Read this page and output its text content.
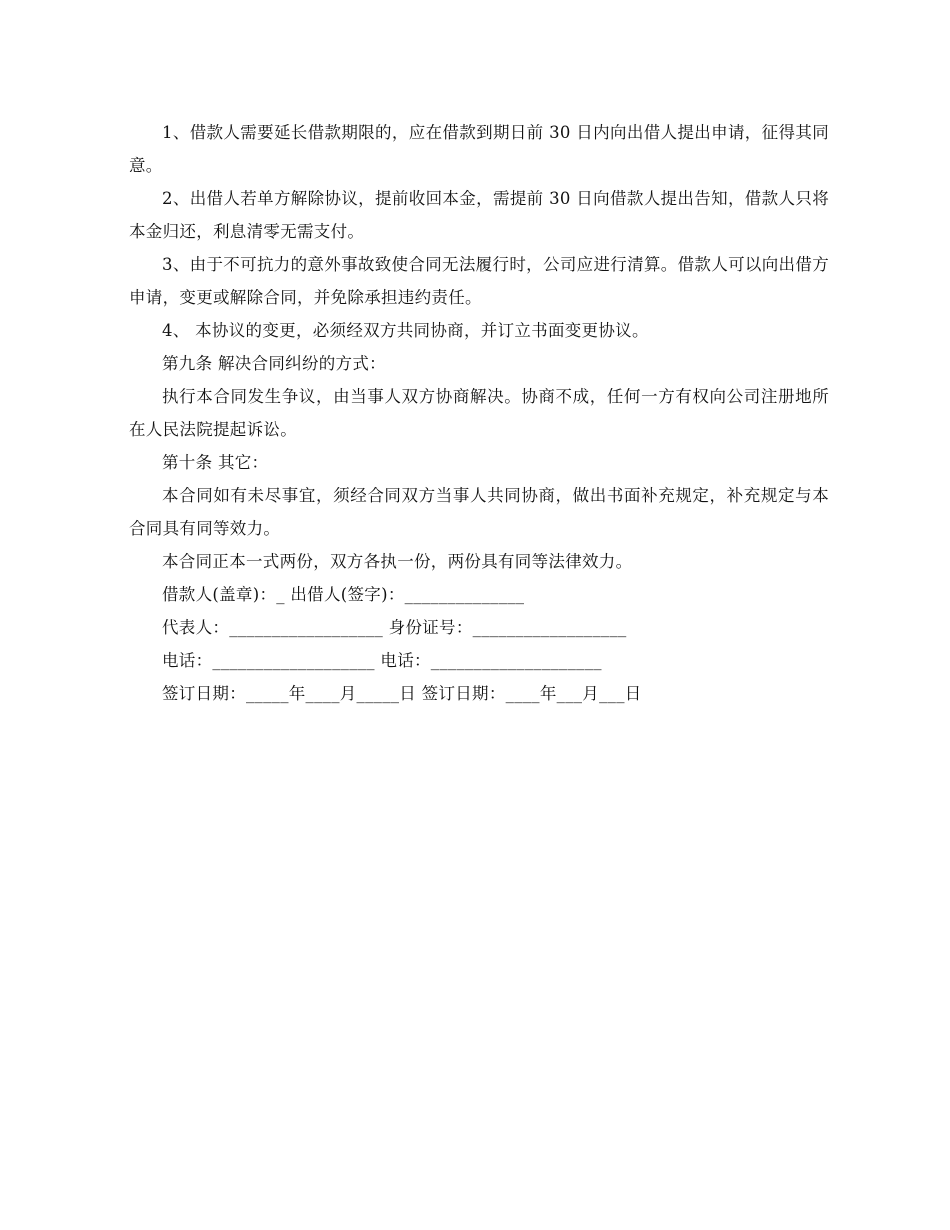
1、借款人需要延长借款期限的，应在借款到期日前 30 日内向出借人提出申请，征得其同意。

2、出借人若单方解除协议，提前收回本金，需提前 30 日向借款人提出告知，借款人只将本金归还，利息清零无需支付。

3、由于不可抗力的意外事故致使合同无法履行时，公司应进行清算。借款人可以向出借方申请，变更或解除合同，并免除承担违约责任。

4、 本协议的变更，必须经双方共同协商，并订立书面变更协议。

第九条 解决合同纠纷的方式：

执行本合同发生争议，由当事人双方协商解决。协商不成，任何一方有权向公司注册地所在人民法院提起诉讼。

第十条 其它：

本合同如有未尽事宜，须经合同双方当事人共同协商，做出书面补充规定，补充规定与本合同具有同等效力。

本合同正本一式两份，双方各执一份，两份具有同等法律效力。

借款人(盖章)：_ 出借人(签字)：______________

代表人：__________________ 身份证号：__________________

电话：___________________ 电话：____________________

签订日期：_____年____月_____日 签订日期：____年___月___日
